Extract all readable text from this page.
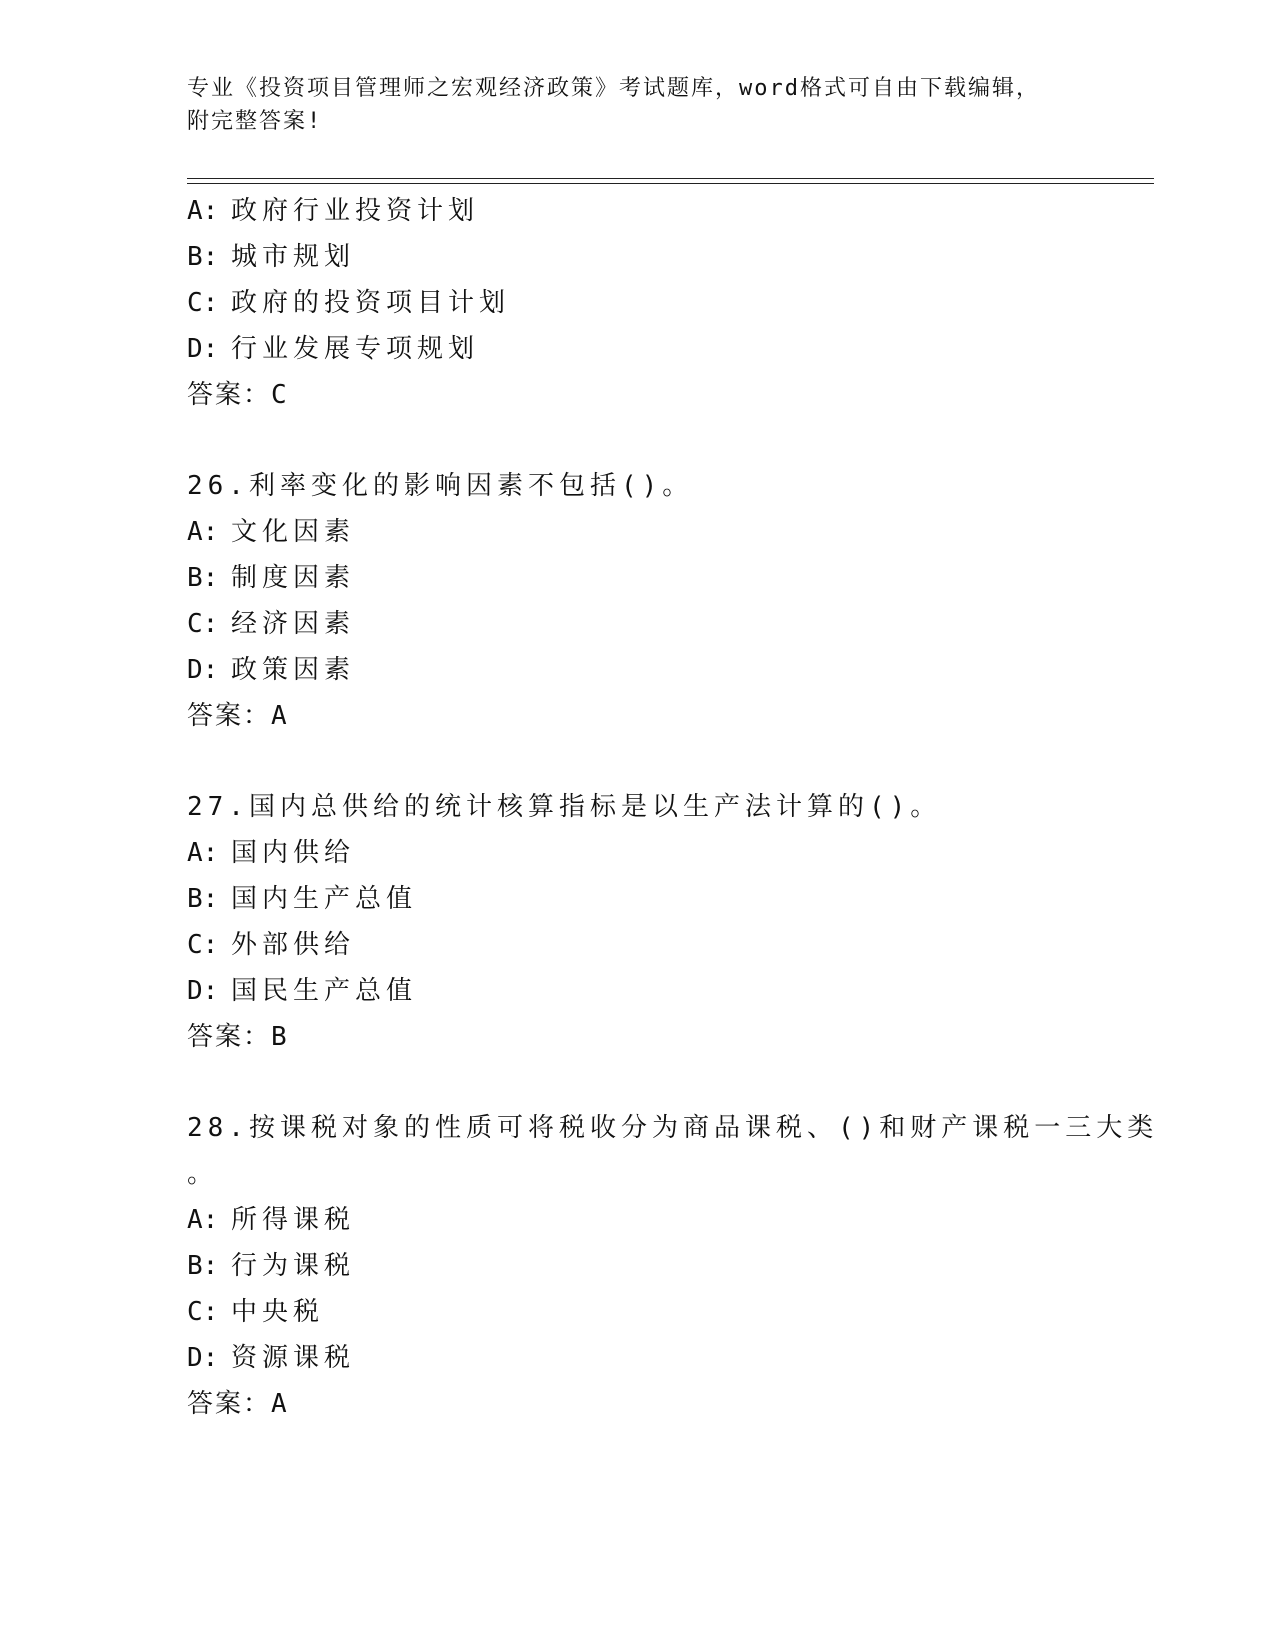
专业《投资项目管理师之宏观经济政策》考试题库，word格式可自由下载编辑，
附完整答案!
A: 政府行业投资计划
B: 城市规划
C: 政府的投资项目计划
D: 行业发展专项规划
答案：C
26.利率变化的影响因素不包括()。
A: 文化因素
B: 制度因素
C: 经济因素
D: 政策因素
答案：A
27.国内总供给的统计核算指标是以生产法计算的()。
A: 国内供给
B: 国内生产总值
C: 外部供给
D: 国民生产总值
答案：B
28.按课税对象的性质可将税收分为商品课税、()和财产课税一三大类
。
A: 所得课税
B: 行为课税
C: 中央税
D: 资源课税
答案：A
